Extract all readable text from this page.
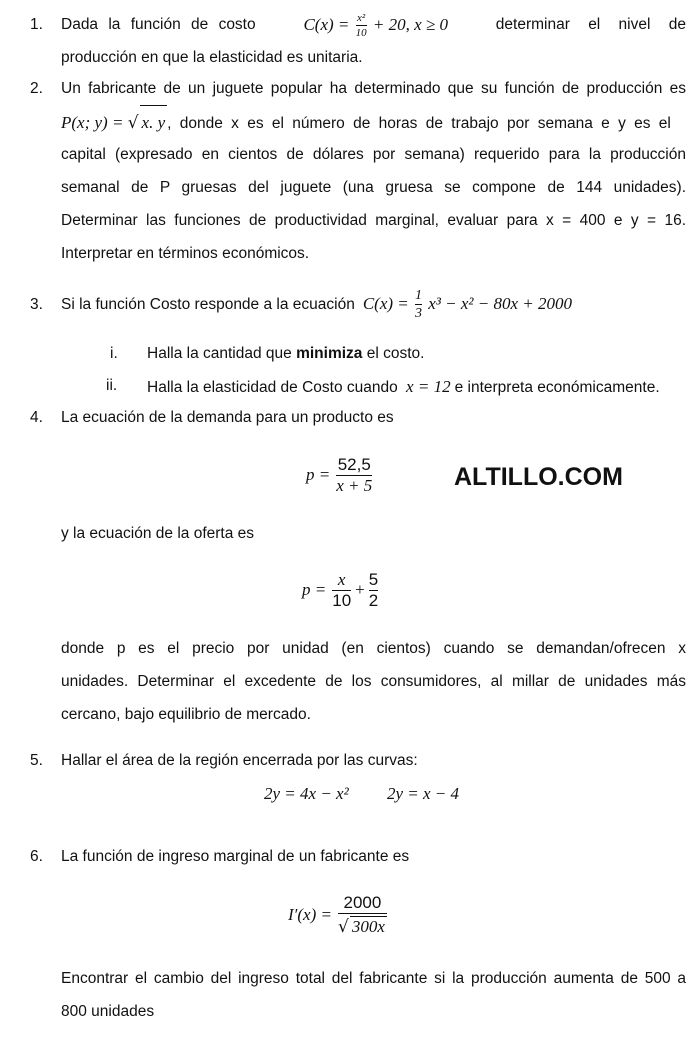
1.	Dada la función de costo	$C(x) = \frac{\text{x²}}{10} + 20$, x ≥ 0	determinar el nivel de
producción en que la elasticidad es unitaria.
2.	Un fabricante de un juguete popular ha determinado que su función de producción es
P(x; y) = √ x. y , donde x es el número de horas de trabajo por semana e y es el
capital (expresado en cientos de dólares por semana) requerido para la producción
semanal de P gruesas del juguete (una gruesa se compone de 144 unidades).
Determinar las funciones de productividad marginal, evaluar para x = 400 e y = 16.
Interpretar en términos económicos.
3.	Si la función Costo responde a la ecuación $C(x) = \frac{1}{3} x^3 - x^2 - 80x + 2000$
i.	Halla la cantidad que minimiza el costo.
ii.	Halla la elasticidad de Costo cuando x = 12 e interpreta económicamente.
4.	La ecuación de la demanda para un producto es
$p = \frac{52,5}{x + 5}$	ALTILLO.COM
y la ecuación de la oferta es
$p = \frac{x}{10} + \frac{5}{2}$
donde p es el precio por unidad (en cientos) cuando se demandan/ofrecen x
unidades. Determinar el excedente de los consumidores, al millar de unidades más
cercano, bajo equilibrio de mercado.
5.	Hallar el área de la región encerrada por las curvas:
2y = 4x − x² 2y = x − 4
6.	La función de ingreso marginal de un fabricante es
$I'(x) = \frac{2000}{√ 300x}$
Encontrar el cambio del ingreso total del fabricante si la producción aumenta de 500 a
800 unidades
